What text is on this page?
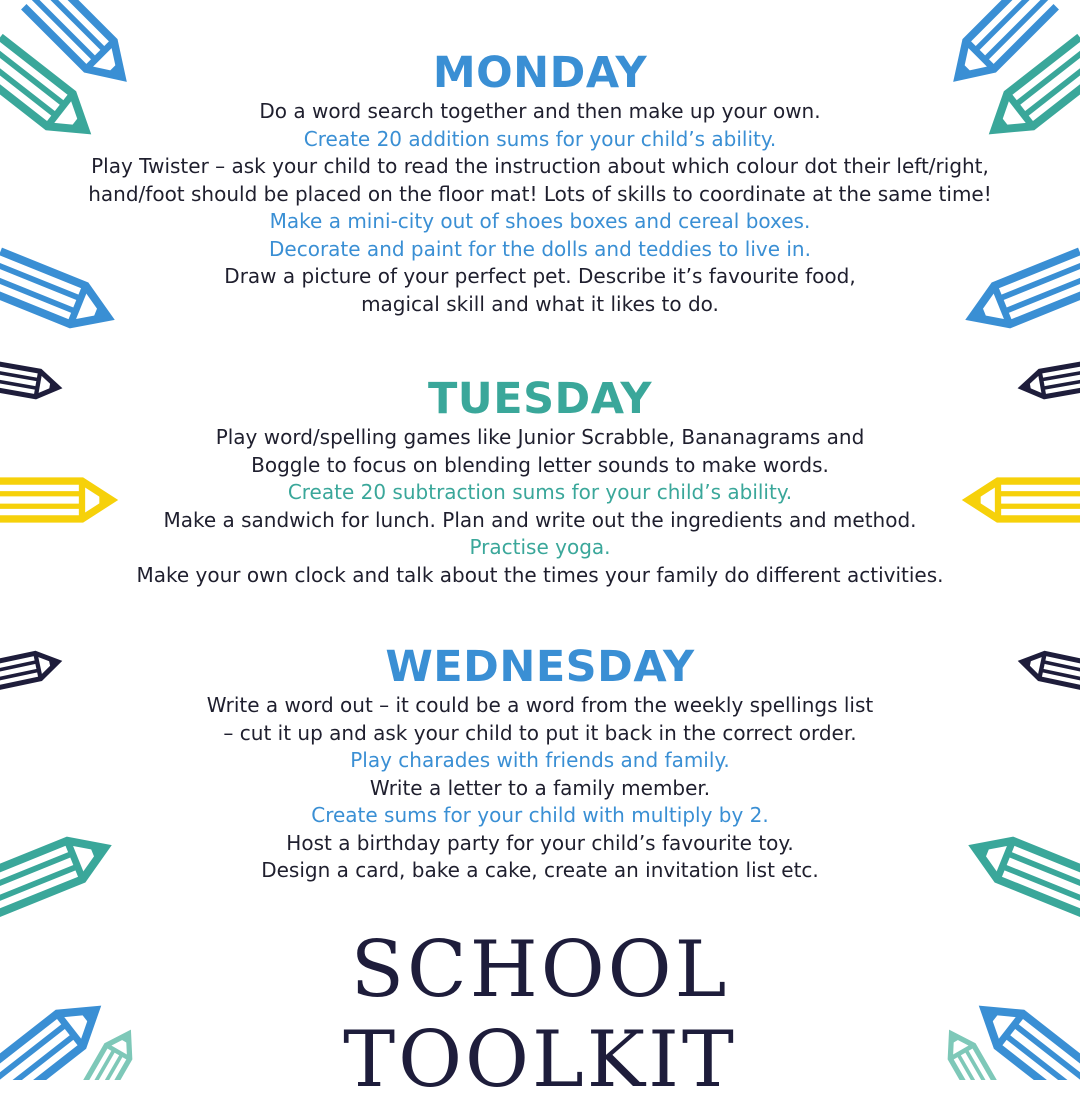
MONDAY
Do a word search together and then make up your own.
Create 20 addition sums for your child’s ability.
Play Twister – ask your child to read the instruction about which colour dot their left/right,
hand/foot should be placed on the floor mat! Lots of skills to coordinate at the same time!
Make a mini-city out of shoes boxes and cereal boxes.
Decorate and paint for the dolls and teddies to live in.
Draw a picture of your perfect pet. Describe it’s favourite food,
magical skill and what it likes to do.
TUESDAY
Play word/spelling games like Junior Scrabble, Bananagrams and
Boggle to focus on blending letter sounds to make words.
Create 20 subtraction sums for your child’s ability.
Make a sandwich for lunch. Plan and write out the ingredients and method.
Practise yoga.
Make your own clock and talk about the times your family do different activities.
WEDNESDAY
Write a word out – it could be a word from the weekly spellings list
– cut it up and ask your child to put it back in the correct order.
Play charades with friends and family.
Write a letter to a family member.
Create sums for your child with multiply by 2.
Host a birthday party for your child’s favourite toy.
Design a card, bake a cake, create an invitation list etc.
SCHOOL TOOLKIT
